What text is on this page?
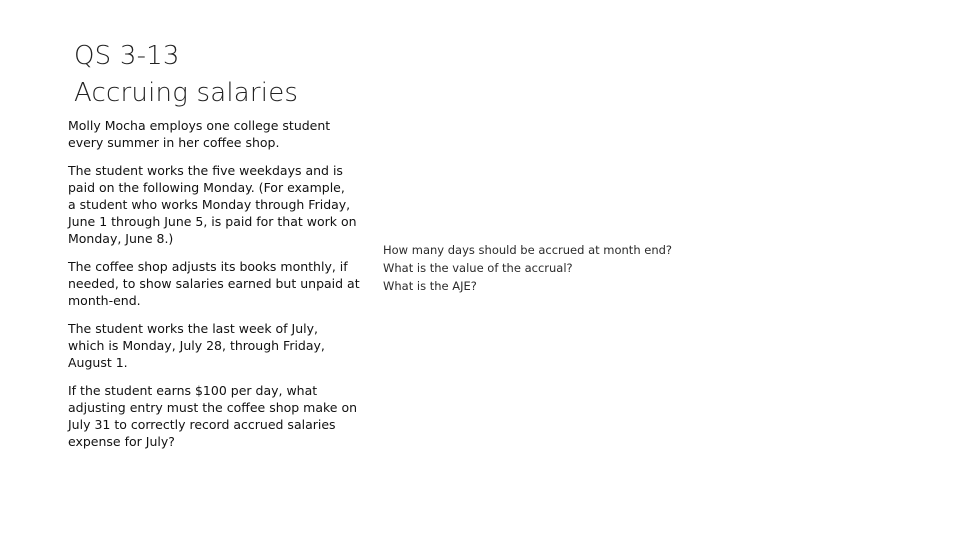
QS 3-13
Accruing salaries
Molly Mocha employs one college student
every summer in her coffee shop.
The student works the five weekdays and is
paid on the following Monday. (For example,
a student who works Monday through Friday,
June 1 through June 5, is paid for that work on
Monday, June 8.)
The coffee shop adjusts its books monthly, if
needed, to show salaries earned but unpaid at
month-end.
The student works the last week of July,
which is Monday, July 28, through Friday,
August 1.
If the student earns $100 per day, what
adjusting entry must the coffee shop make on
July 31 to correctly record accrued salaries
expense for July?
How many days should be accrued at month end?
What is the value of the accrual?
What is the AJE?
